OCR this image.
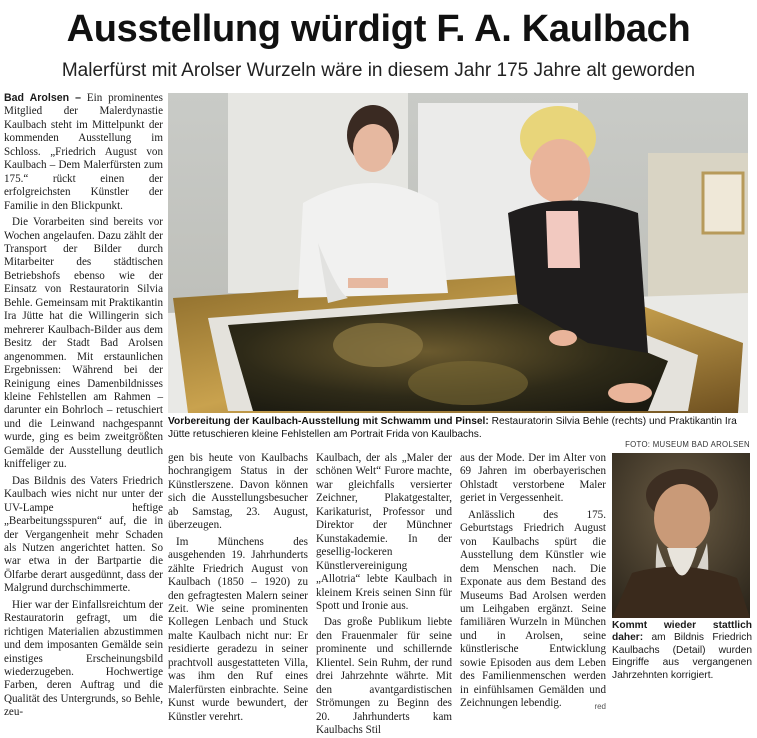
Ausstellung würdigt F. A. Kaulbach
Malerfürst mit Arolser Wurzeln wäre in diesem Jahr 175 Jahre alt geworden

Bad Arolsen – Ein prominentes Mitglied der Malerdynastie Kaulbach steht im Mittelpunkt der kommenden Ausstellung im Schloss. „Friedrich August von Kaulbach – Dem Malerfürsten zum 175.“ rückt einen der erfolgreichsten Künstler der Familie in den Blickpunkt.

Die Vorarbeiten sind bereits vor Wochen angelaufen. Dazu zählt der Transport der Bilder durch Mitarbeiter des städtischen Betriebshofs ebenso wie der Einsatz von Restauratorin Silvia Behle. Gemeinsam mit Praktikantin Ira Jütte hat die Willingerin sich mehrerer Kaulbach-Bilder aus dem Besitz der Stadt Bad Arolsen angenommen. Mit erstaunlichen Ergebnissen: Während bei der Reinigung eines Damenbildnisses kleine Fehlstellen am Rahmen – darunter ein Bohrloch – retuschiert und die Leinwand nachgespannt wurde, ging es beim zweitgrößten Gemälde der Ausstellung deutlich kniffeliger zu.

Das Bildnis des Vaters Friedrich Kaulbach wies nicht nur unter der UV-Lampe heftige „Bearbeitungsspuren“ auf, die in der Vergangenheit mehr Schaden als Nutzen angerichtet hatten. So war etwa in der Bartpartie die Ölfarbe derart ausgedünnt, dass der Malgrund durchschimmerte.

Hier war der Einfallsreichtum der Restauratorin gefragt, um die richtigen Materialien abzustimmen und dem imposanten Gemälde sein einstiges Erscheinungsbild wiederzugeben. Hochwertige Farben, deren Auftrag und die Qualität des Untergrunds, so Behle, zeu-

Vorbereitung der Kaulbach-Ausstellung mit Schwamm und Pinsel: Restauratorin Silvia Behle (rechts) und Praktikantin Ira Jütte retuschieren kleine Fehlstellen am Portrait Frida von Kaulbachs.
FOTO: MUSEUM BAD AROLSEN

gen bis heute von Kaulbachs hochrangigem Status in der Künstlerszene. Davon können sich die Ausstellungsbesucher ab Samstag, 23. August, überzeugen.

Im Münchens des ausgehenden 19. Jahrhunderts zählte Friedrich August von Kaulbach (1850 – 1920) zu den gefragtesten Malern seiner Zeit. Wie seine prominenten Kollegen Lenbach und Stuck malte Kaulbach nicht nur: Er residierte geradezu in seiner prachtvoll ausgestatteten Villa, was ihm den Ruf eines Malerfürsten einbrachte. Seine Kunst wurde bewundert, der Künstler verehrt.

Kaulbach, der als „Maler der schönen Welt“ Furore machte, war gleichfalls versierter Zeichner, Plakatgestalter, Karikaturist, Professor und Direktor der Münchner Kunstakademie. In der gesellig-lockeren Künstlervereinigung „Allotria“ lebte Kaulbach in kleinem Kreis seinen Sinn für Spott und Ironie aus.

Das große Publikum liebte den Frauenmaler für seine prominente und schillernde Klientel. Sein Ruhm, der rund drei Jahrzehnte währte. Mit den avantgardistischen Strömungen zu Beginn des 20. Jahrhunderts kam Kaulbachs Stil

aus der Mode. Der im Alter von 69 Jahren im oberbayerischen Ohlstadt verstorbene Maler geriet in Vergessenheit.

Anlässlich des 175. Geburtstags Friedrich August von Kaulbachs spürt die Ausstellung dem Künstler wie dem Menschen nach. Die Exponate aus dem Bestand des Museums Bad Arolsen werden um Leihgaben ergänzt. Seine familiären Wurzeln in München und in Arolsen, seine künstlerische Entwicklung sowie Episoden aus dem Leben des Familienmenschen werden in einfühlsamen Gemälden und Zeichnungen lebendig.	red

Kommt wieder stattlich daher: am Bildnis Friedrich Kaulbachs (Detail) wurden Eingriffe aus vergangenen Jahrzehnten korrigiert.
